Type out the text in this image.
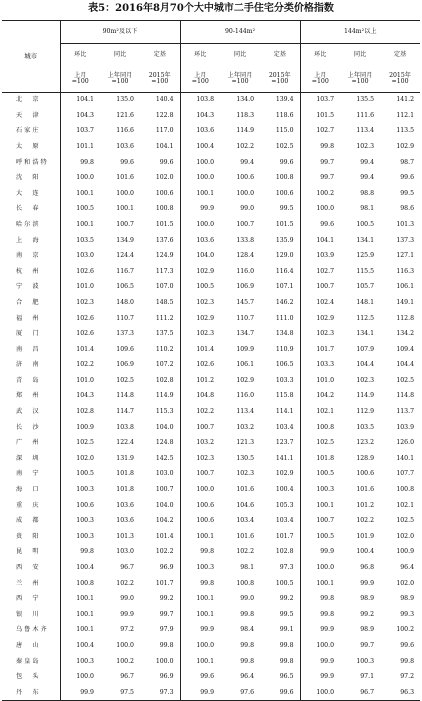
表5：2016年8月70个大中城市二手住宅分类价格指数
城市	90m²及以下			90-144m²			144m²以上		
	环比	同比	定基	环比	同比	定基	环比	同比	定基
	上月
=100	上年同月
=100	2015年
=100	上月
=100	上年同月
=100	2015年
=100	上月
=100	上年同月
=100	2015年
=100
北　京	104.1	135.0	140.4	103.8	134.0	139.4	103.7	135.5	141.2
天　津	104.3	121.6	122.8	104.3	118.3	118.6	101.5	111.6	112.1
石家庄	103.7	116.6	117.0	103.6	114.9	115.0	102.7	113.4	113.5
太　原	101.1	103.6	104.1	100.4	102.2	102.5	99.8	102.3	102.9
呼和浩特	99.8	99.6	99.6	100.0	99.4	99.6	99.7	99.4	98.7
沈　阳	100.0	101.6	102.0	100.0	100.6	100.8	99.7	99.4	99.6
大　连	100.1	100.0	100.6	100.1	100.0	100.6	100.2	98.8	99.5
长　春	100.5	100.1	100.8	99.9	99.0	99.5	100.0	98.1	98.6
哈尔滨	100.1	100.7	101.5	100.0	100.7	101.5	99.6	100.5	101.3
上　海	103.5	134.9	137.6	103.6	133.8	135.9	104.1	134.1	137.3
南　京	103.0	124.4	124.9	104.0	128.4	129.0	103.9	125.9	127.1
杭　州	102.6	116.7	117.3	102.9	116.0	116.4	102.7	115.5	116.3
宁　波	101.0	106.5	107.0	100.5	106.9	107.1	100.7	105.7	106.1
合　肥	102.3	148.0	148.5	102.3	145.7	146.2	102.4	148.1	149.1
福　州	102.6	110.7	111.2	102.9	110.7	111.0	102.9	112.5	112.8
厦　门	102.6	137.3	137.5	102.3	134.7	134.8	102.3	134.1	134.2
南　昌	101.4	109.6	110.2	101.4	109.9	110.9	101.7	107.9	109.4
济　南	102.2	106.9	107.2	102.6	106.1	106.5	103.3	104.4	104.4
青　岛	101.0	102.5	102.8	101.2	102.9	103.3	101.0	102.3	102.5
郑　州	104.3	114.8	114.9	104.8	116.0	115.8	104.2	114.9	114.8
武　汉	102.8	114.7	115.3	102.2	113.4	114.1	102.1	112.9	113.7
长　沙	100.9	103.8	104.0	100.7	103.2	103.4	100.8	103.5	103.9
广　州	102.5	122.4	124.8	103.2	121.3	123.7	102.5	123.2	126.0
深　圳	102.0	131.9	142.5	102.3	130.5	141.1	101.8	128.9	140.1
南　宁	100.5	101.8	103.0	100.7	102.3	102.9	100.5	100.6	107.7
海　口	100.3	101.8	100.7	100.0	101.6	100.4	100.3	101.6	100.8
重　庆	100.6	103.6	104.0	100.6	104.6	105.3	100.1	101.2	102.1
成　都	100.3	103.6	104.2	100.6	103.4	103.4	100.7	102.2	102.5
贵　阳	100.3	101.3	101.4	100.1	101.6	101.7	100.5	101.9	102.0
昆　明	99.8	103.0	102.2	99.8	102.2	102.8	99.9	100.4	100.9
西　安	100.4	96.7	96.9	100.3	98.1	97.3	100.0	96.8	96.4
兰　州	100.8	102.2	101.7	99.8	100.8	100.5	100.1	99.9	102.0
西　宁	100.1	99.0	99.2	100.1	99.0	99.2	99.8	98.9	98.9
银　川	100.1	99.9	99.7	100.1	99.8	99.5	99.8	99.2	99.3
乌鲁木齐	100.1	97.2	97.9	99.9	98.4	99.1	99.9	98.9	100.2
唐　山	100.4	100.0	99.8	100.0	99.8	99.8	100.0	99.7	99.6
秦皇岛	100.3	100.2	100.0	100.1	99.8	99.8	99.9	100.3	99.8
包　头	100.0	96.7	96.9	99.6	96.4	96.5	99.9	97.1	97.2
丹　东	99.9	97.5	97.3	99.9	97.6	99.6	100.0	96.7	96.3
